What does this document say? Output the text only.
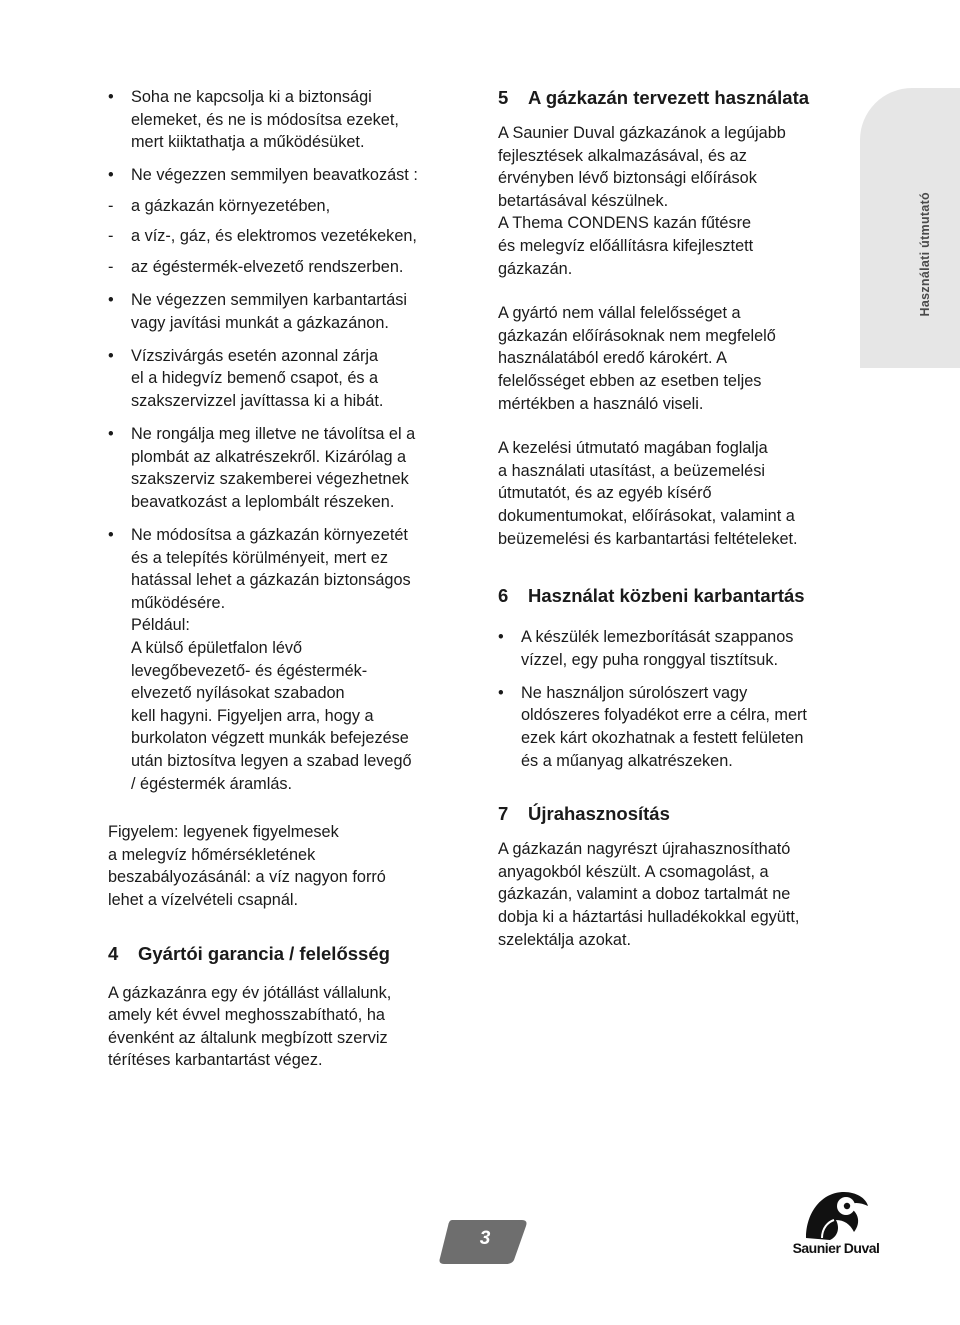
• Soha ne kapcsolja ki a biztonsági
elemeket, és ne is módosítsa ezeket,
mert kiiktathatja a működésüket.
• Ne végezzen semmilyen beavatkozást :
- a gázkazán környezetében,
- a víz-, gáz, és elektromos vezetékeken,
- az égéstermék-elvezető rendszerben.
• Ne végezzen semmilyen karbantartási
vagy javítási munkát a gázkazánon.
• Vízszivárgás esetén azonnal zárja
el a hidegvíz bemenő csapot, és a
szakszervizzel javíttassa ki a hibát.
• Ne rongálja meg illetve ne távolítsa el a
plombát az alkatrészekről. Kizárólag a
szakszerviz szakemberei végezhetnek
beavatkozást a leplombált részeken.
• Ne módosítsa a gázkazán környezetét
és a telepítés körülményeit, mert ez
hatással lehet a gázkazán biztonságos
működésére.
Például:
A külső épületfalon lévő
levegőbevezető- és égéstermék-
elvezető nyílásokat szabadon
kell hagyni. Figyeljen arra, hogy a
burkolaton végzett munkák befejezése
után biztosítva legyen a szabad levegő
/ égéstermék áramlás.
Figyelem: legyenek figyelmesek
a melegvíz hőmérsékletének
beszabályozásánál: a víz nagyon forró
lehet a vízelvételi csapnál.
4	Gyártói garancia / felelősség
A gázkazánra egy év jótállást vállalunk,
amely két évvel meghosszabítható, ha
évenként az általunk megbízott szerviz
térítéses karbantartást végez.
5	A gázkazán tervezett használata
A Saunier Duval gázkazánok a legújabb
fejlesztések alkalmazásával, és az
érvényben lévő biztonsági előírások
betartásával készülnek.
A Thema CONDENS kazán fűtésre
és melegvíz előállításra kifejlesztett
gázkazán.
A gyártó nem vállal felelősséget a
gázkazán előírásoknak nem megfelelő
használatából eredő károkért. A
felelősséget ebben az esetben teljes
mértékben a használó viseli.
A kezelési útmutató magában foglalja
a használati utasítást, a beüzemelési
útmutatót, és az egyéb kísérő
dokumentumokat, előírásokat, valamint a
beüzemelési és karbantartási feltételeket.
6	Használat közbeni karbantartás
• A készülék lemezborítását szappanos
vízzel, egy puha ronggyal tisztítsuk.
• Ne használjon súrolószert vagy
oldószeres folyadékot erre a célra, mert
ezek kárt okozhatnak a festett felületen
és a műanyag alkatrészeken.
7	Újrahasznosítás
A gázkazán nagyrészt újrahasznosítható
anyagokból készült. A csomagolást, a
gázkazán, valamint a doboz tartalmát ne
dobja ki a háztartási hulladékokkal együtt,
szelektálja azokat.
Használati útmutató
3	Saunier Duval
